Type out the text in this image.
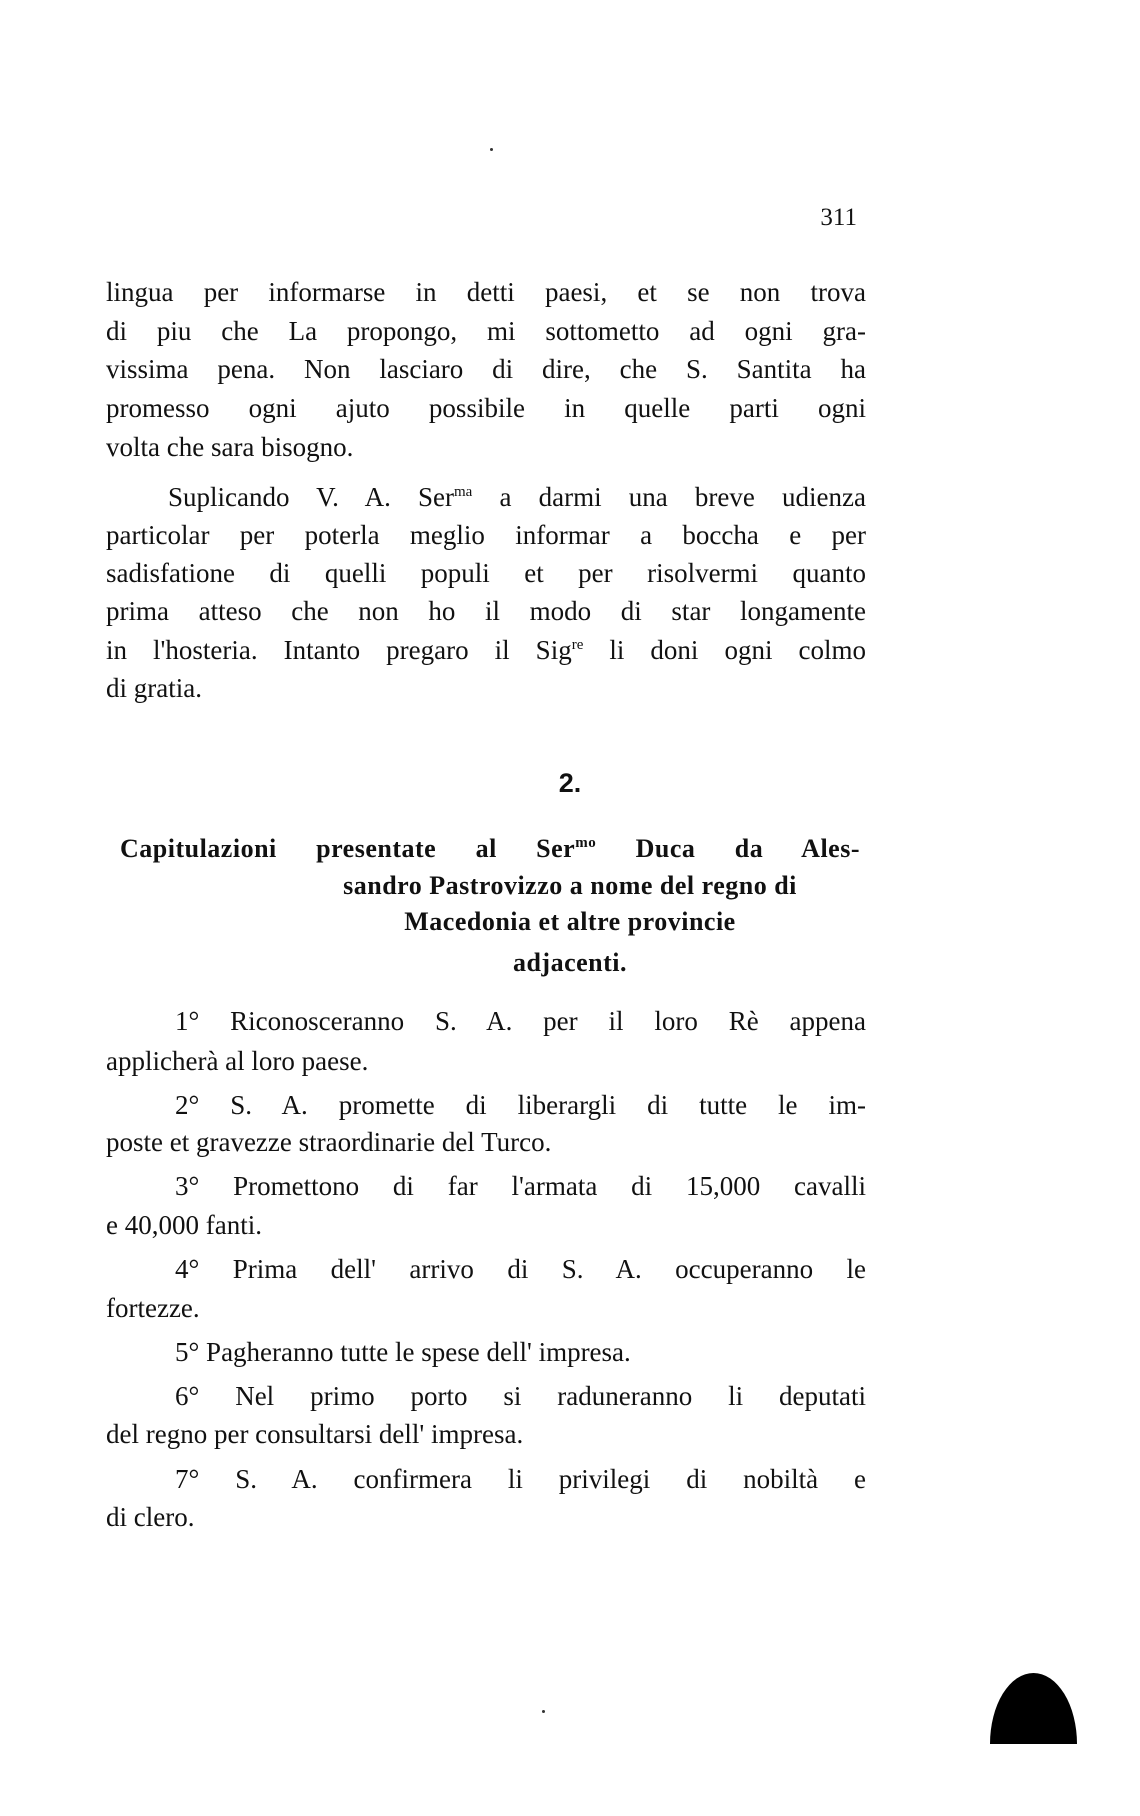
311
lingua per informarse in detti paesi, et se non trova
di piu che La propongo, mi sottometto ad ogni gra-
vissima pena. Non lasciaro di dire, che S. Santita ha
promesso ogni ajuto possibile in quelle parti ogni
volta che sara bisogno.
Suplicando V. A. Ser$^{ma}$ a darmi una breve udienza
particolar per poterla meglio informar a boccha e per
sadisfatione di quelli populi et per risolvermi quanto
prima atteso che non ho il modo di star longamente
in l'hosteria. Intanto pregaro il Sig$^{re}$ li doni ogni colmo
di gratia.
2.
Capitulazioni presentate al Ser$^{mo}$ Duca da Ales-
sandro Pastrovizzo a nome del regno di
Macedonia et altre provincie
adjacenti.
1° Riconosceranno S. A. per il loro Rè appena
applicherà al loro paese.
2° S. A. promette di liberargli di tutte le im-
poste et gravezze straordinarie del Turco.
3° Promettono di far l'armata di 15,000 cavalli
e 40,000 fanti.
4° Prima dell' arrivo di S. A. occuperanno le
fortezze.
5° Pagheranno tutte le spese dell' impresa.
6° Nel primo porto si raduneranno li deputati
del regno per consultarsi dell' impresa.
7° S. A. confirmera li privilegi di nobiltà e
di clero.
